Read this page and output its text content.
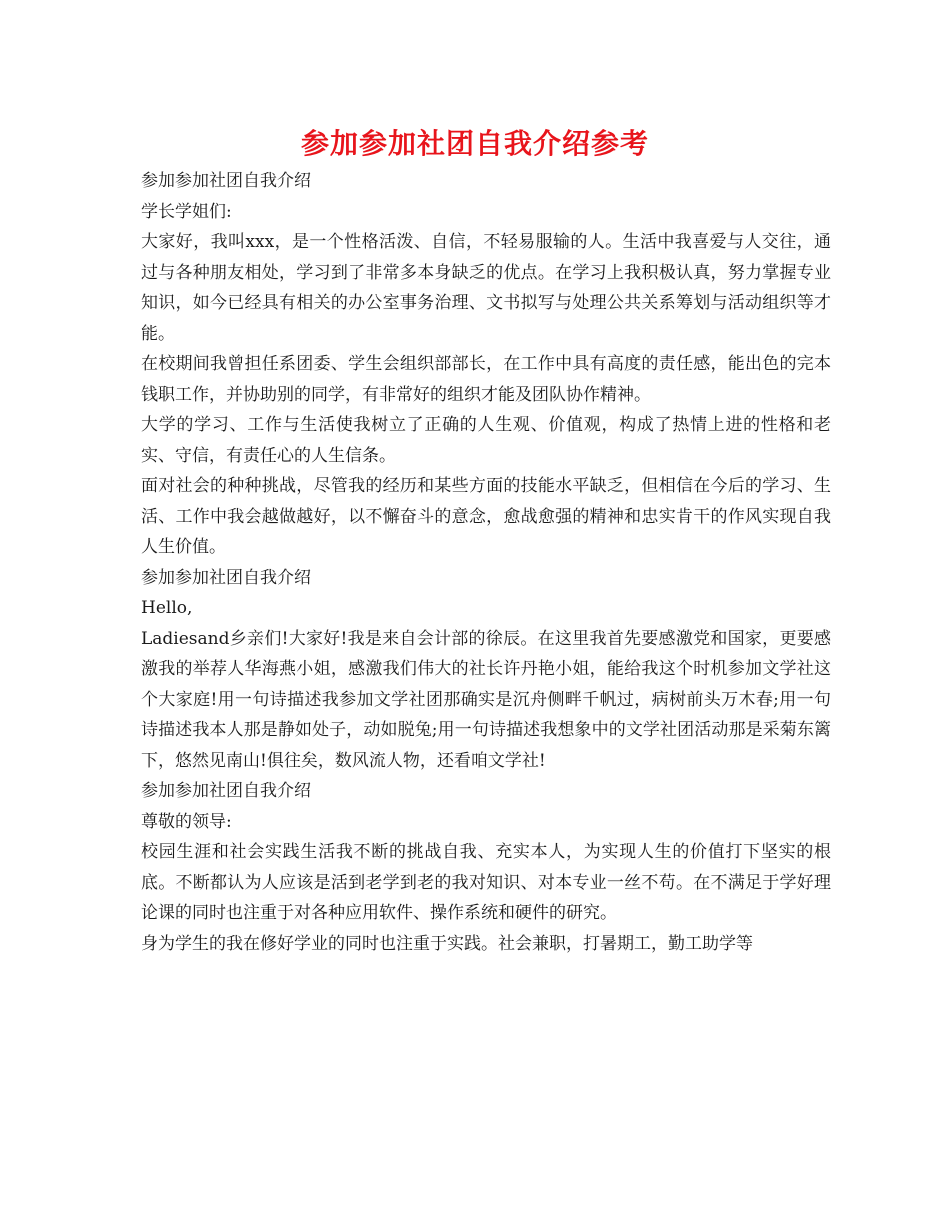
参加参加社团自我介绍参考

参加参加社团自我介绍

学长学姐们:

大家好，我叫xxx，是一个性格活泼、自信，不轻易服输的人。生活中我喜爱与人交往，通过与各种朋友相处，学习到了非常多本身缺乏的优点。在学习上我积极认真，努力掌握专业知识，如今已经具有相关的办公室事务治理、文书拟写与处理公共关系筹划与活动组织等才能。

在校期间我曾担任系团委、学生会组织部部长，在工作中具有高度的责任感，能出色的完本钱职工作，并协助别的同学，有非常好的组织才能及团队协作精神。

大学的学习、工作与生活使我树立了正确的人生观、价值观，构成了热情上进的性格和老实、守信，有责任心的人生信条。

面对社会的种种挑战，尽管我的经历和某些方面的技能水平缺乏，但相信在今后的学习、生活、工作中我会越做越好，以不懈奋斗的意念，愈战愈强的精神和忠实肯干的作风实现自我人生价值。

参加参加社团自我介绍

Hello,

Ladiesand乡亲们!大家好!我是来自会计部的徐辰。在这里我首先要感激党和国家，更要感激我的举荐人华海燕小姐，感激我们伟大的社长许丹艳小姐，能给我这个时机参加文学社这个大家庭!用一句诗描述我参加文学社团那确实是沉舟侧畔千帆过，病树前头万木春;用一句诗描述我本人那是静如处子，动如脱兔;用一句诗描述我想象中的文学社团活动那是采菊东篱下，悠然见南山!俱往矣，数风流人物，还看咱文学社!

参加参加社团自我介绍

尊敬的领导:

校园生涯和社会实践生活我不断的挑战自我、充实本人，为实现人生的价值打下坚实的根底。不断都认为人应该是活到老学到老的我对知识、对本专业一丝不苟。在不满足于学好理论课的同时也注重于对各种应用软件、操作系统和硬件的研究。

身为学生的我在修好学业的同时也注重于实践。社会兼职，打暑期工，勤工助学等
